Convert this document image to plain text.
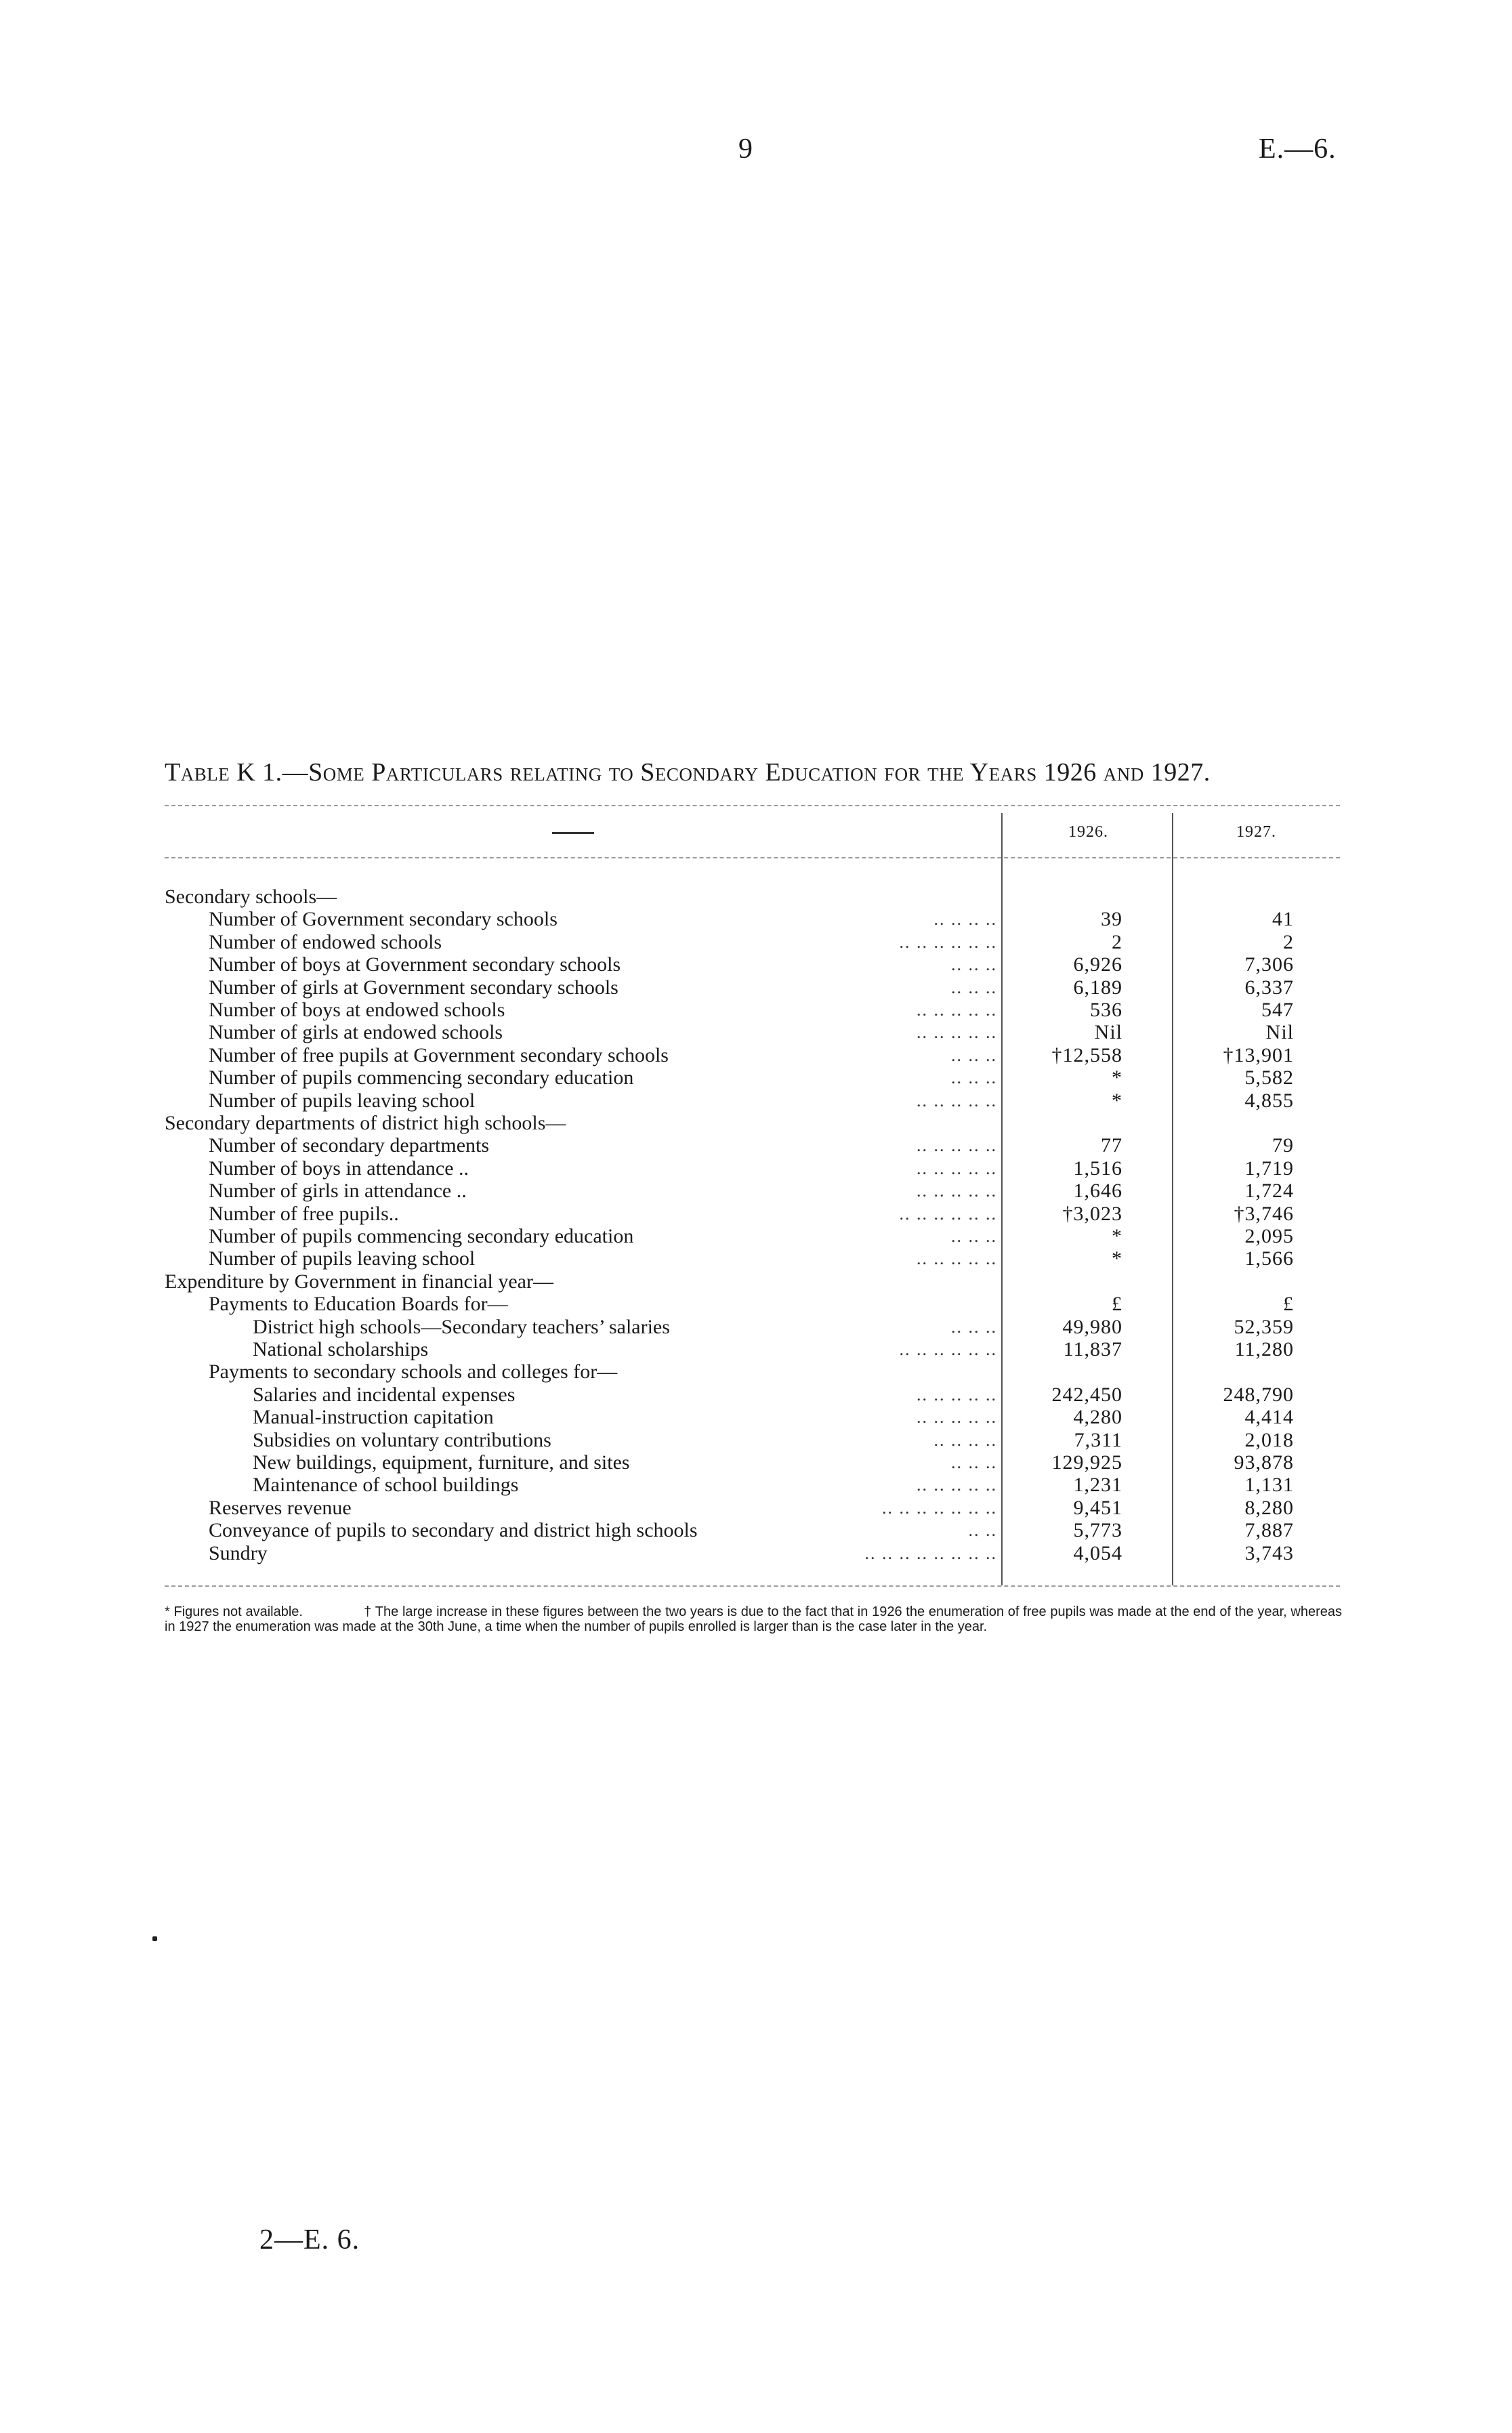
9	E.—6.
Table K 1.—Some Particulars relating to Secondary Education for the Years 1926 and 1927.
1926.	1927.
Secondary schools—
Number of Government secondary schools	.. .. .. ..	39	41
Number of endowed schools	.. .. .. .. .. ..	2	2
Number of boys at Government secondary schools	.. .. ..	6,926	7,306
Number of girls at Government secondary schools	.. .. ..	6,189	6,337
Number of boys at endowed schools	.. .. .. .. ..	536	547
Number of girls at endowed schools	.. .. .. .. ..	Nil	Nil
Number of free pupils at Government secondary schools	.. .. ..	†12,558	†13,901
Number of pupils commencing secondary education	.. .. ..	*	5,582
Number of pupils leaving school	.. .. .. .. ..	*	4,855
Secondary departments of district high schools—
Number of secondary departments	.. .. .. .. ..	77	79
Number of boys in attendance ..	.. .. .. .. ..	1,516	1,719
Number of girls in attendance ..	.. .. .. .. ..	1,646	1,724
Number of free pupils..	.. .. .. .. .. ..	†3,023	†3,746
Number of pupils commencing secondary education	.. .. ..	*	2,095
Number of pupils leaving school	.. .. .. .. ..	*	1,566
Expenditure by Government in financial year—
Payments to Education Boards for—	£	£
District high schools—Secondary teachers’ salaries	.. .. ..	49,980	52,359
National scholarships	.. .. .. .. .. ..	11,837	11,280
Payments to secondary schools and colleges for—
Salaries and incidental expenses	.. .. .. .. ..	242,450	248,790
Manual-instruction capitation	.. .. .. .. ..	4,280	4,414
Subsidies on voluntary contributions	.. .. .. ..	7,311	2,018
New buildings, equipment, furniture, and sites	.. .. ..	129,925	93,878
Maintenance of school buildings	.. .. .. .. ..	1,231	1,131
Reserves revenue	.. .. .. .. .. .. ..	9,451	8,280
Conveyance of pupils to secondary and district high schools	.. ..	5,773	7,887
Sundry	.. .. .. .. .. .. .. ..	4,054	3,743
* Figures not available.	† The large increase in these figures between the two years is due to the fact that in 1926 the enumeration of free pupils was made at the end of the year, whereas in 1927 the enumeration was made at the 30th June, a time when the number of pupils enrolled is larger than is the case later in the year.
2—E. 6.
